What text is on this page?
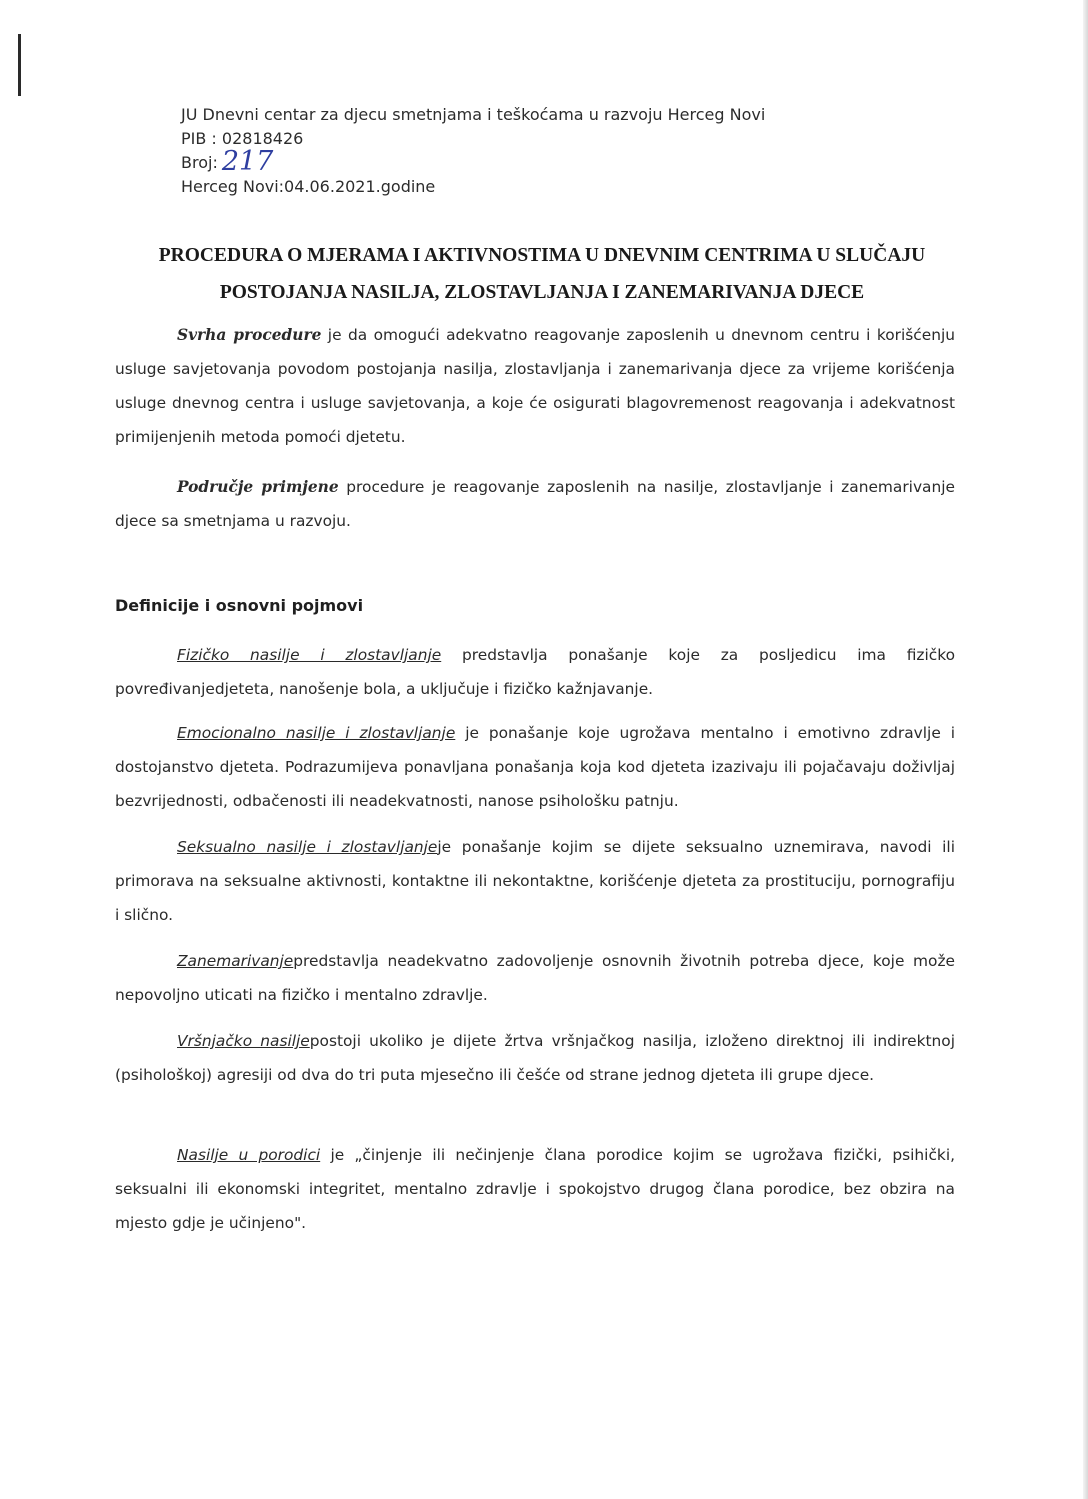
JU Dnevni centar za djecu smetnjama i teškoćama u razvoju Herceg Novi
PIB : 02818426
Broj: 217
Herceg Novi:04.06.2021.godine
PROCEDURA O MJERAMA I AKTIVNOSTIMA U DNEVNIM CENTRIMA U SLUČAJU
POSTOJANJA NASILJA, ZLOSTAVLJANJA I ZANEMARIVANJA DJECE

Svrha procedure je da omogući adekvatno reagovanje zaposlenih u dnevnom centru i korišćenju usluge savjetovanja povodom postojanja nasilja, zlostavljanja i zanemarivanja djece za vrijeme korišćenja usluge dnevnog centra i usluge savjetovanja, a koje će osigurati blagovremenost reagovanja i adekvatnost primijenjenih metoda pomoći djetetu.

Područje primjene procedure je reagovanje zaposlenih na nasilje, zlostavljanje i zanemarivanje djece sa smetnjama u razvoju.

Definicije i osnovni pojmovi

Fizičko nasilje i zlostavljanje predstavlja ponašanje koje za posljedicu ima fizičko povređivanjedjeteta, nanošenje bola, a uključuje i fizičko kažnjavanje.

Emocionalno nasilje i zlostavljanje je ponašanje koje ugrožava mentalno i emotivno zdravlje i dostojanstvo djeteta. Podrazumijeva ponavljana ponašanja koja kod djeteta izazivaju ili pojačavaju doživljaj bezvrijednosti, odbačenosti ili neadekvatnosti, nanose psihološku patnju.

Seksualno nasilje i zlostavljanjeje ponašanje kojim se dijete seksualno uznemirava, navodi ili primorava na seksualne aktivnosti, kontaktne ili nekontaktne, korišćenje djeteta za prostituciju, pornografiju i slično.

Zanemarivanjepredstavlja neadekvatno zadovoljenje osnovnih životnih potreba djece, koje može nepovoljno uticati na fizičko i mentalno zdravlje.

Vršnjačko nasiljepostoji ukoliko je dijete žrtva vršnjačkog nasilja, izloženo direktnoj ili indirektnoj (psihološkoj) agresiji od dva do tri puta mjesečno ili češće od strane jednog djeteta ili grupe djece.

Nasilje u porodici je „činjenje ili nečinjenje člana porodice kojim se ugrožava fizički, psihički, seksualni ili ekonomski integritet, mentalno zdravlje i spokojstvo drugog člana porodice, bez obzira na mjesto gdje je učinjeno".
